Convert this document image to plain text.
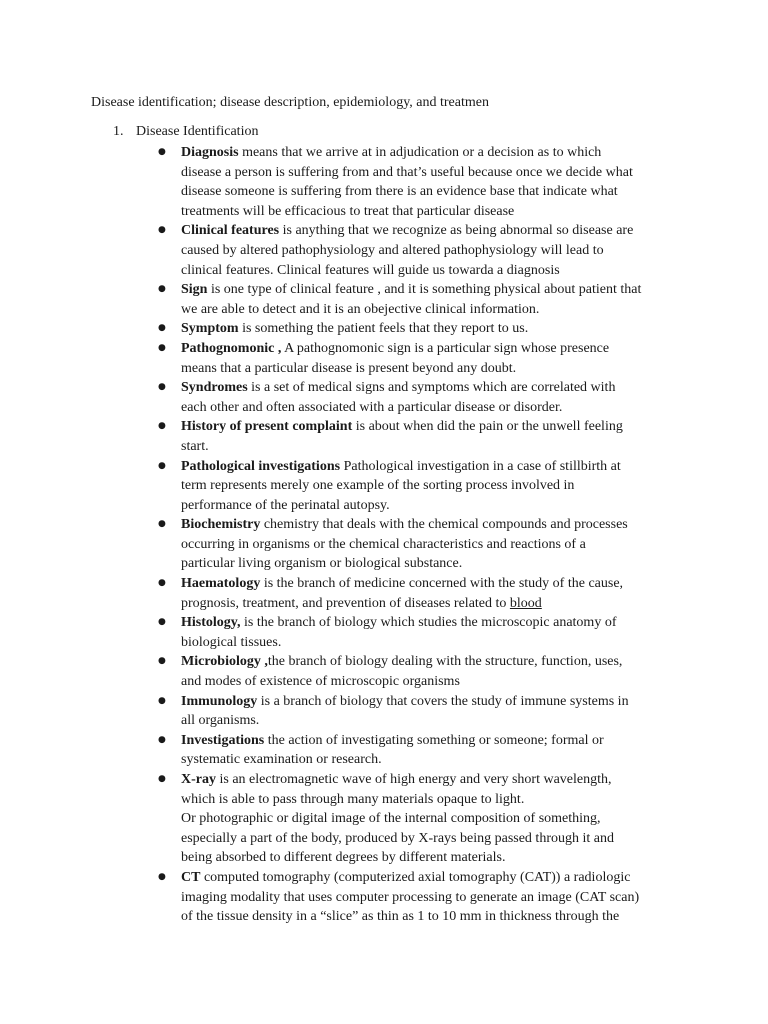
Disease identification; disease description, epidemiology, and treatmen
1. Disease Identification
● Diagnosis means that we arrive at in adjudication or a decision as to which
disease a person is suffering from and that’s useful because once we decide what
disease someone is suffering from there is an evidence base that indicate what
treatments will be efficacious to treat that particular disease
● Clinical features is anything that we recognize as being abnormal so disease are
caused by altered pathophysiology and altered pathophysiology will lead to
clinical features. Clinical features will guide us towarda a diagnosis
● Sign is one type of clinical feature , and it is something physical about patient that
we are able to detect and it is an obejective clinical information.
● Symptom is something the patient feels that they report to us.
● Pathognomonic , A pathognomonic sign is a particular sign whose presence
means that a particular disease is present beyond any doubt.
● Syndromes is a set of medical signs and symptoms which are correlated with
each other and often associated with a particular disease or disorder.
● History of present complaint is about when did the pain or the unwell feeling
start.
● Pathological investigations Pathological investigation in a case of stillbirth at
term represents merely one example of the sorting process involved in
performance of the perinatal autopsy.
● Biochemistry chemistry that deals with the chemical compounds and processes
occurring in organisms or the chemical characteristics and reactions of a
particular living organism or biological substance.
● Haematology is the branch of medicine concerned with the study of the cause,
prognosis, treatment, and prevention of diseases related to blood
● Histology, is the branch of biology which studies the microscopic anatomy of
biological tissues.
● Microbiology ,the branch of biology dealing with the structure, function, uses,
and modes of existence of microscopic organisms
● Immunology is a branch of biology that covers the study of immune systems in
all organisms.
● Investigations the action of investigating something or someone; formal or
systematic examination or research.
● X-ray is an electromagnetic wave of high energy and very short wavelength,
which is able to pass through many materials opaque to light.
Or photographic or digital image of the internal composition of something,
especially a part of the body, produced by X-rays being passed through it and
being absorbed to different degrees by different materials.
● CT computed tomography (computerized axial tomography (CAT)) a radiologic
imaging modality that uses computer processing to generate an image (CAT scan)
of the tissue density in a “slice” as thin as 1 to 10 mm in thickness through the
